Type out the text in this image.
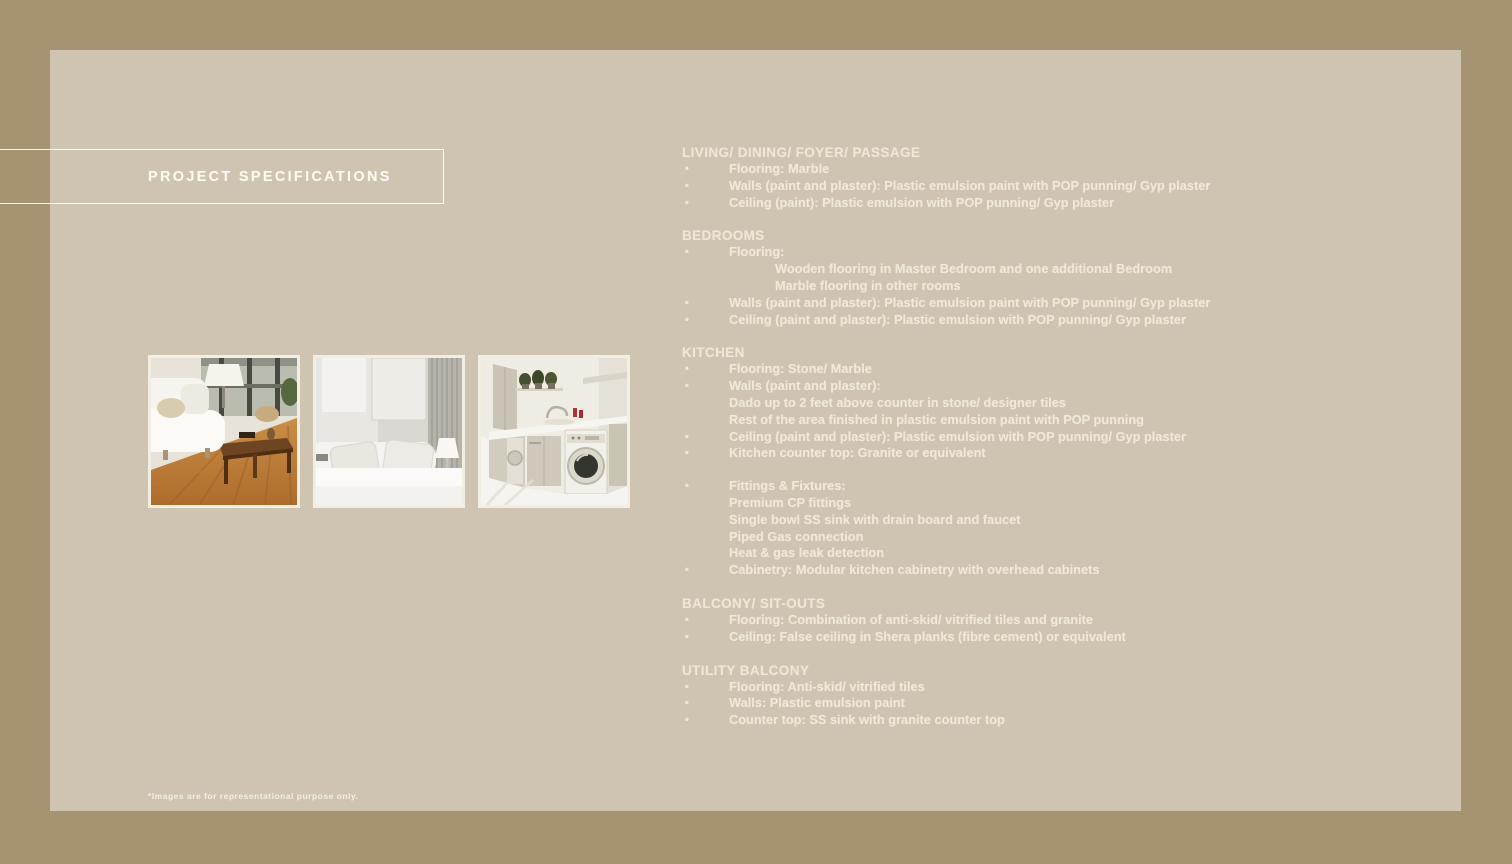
PROJECT SPECIFICATIONS
LIVING/ DINING/ FOYER/ PASSAGE
•	Flooring: Marble
•	Walls (paint and plaster): Plastic emulsion paint with POP punning/ Gyp plaster
•	Ceiling (paint): Plastic emulsion with POP punning/ Gyp plaster
BEDROOMS
•	Flooring:
Wooden flooring in Master Bedroom and one additional Bedroom
Marble flooring in other rooms
•	Walls (paint and plaster): Plastic emulsion paint with POP punning/ Gyp plaster
•	Ceiling (paint and plaster): Plastic emulsion with POP punning/ Gyp plaster
KITCHEN
•	Flooring: Stone/ Marble
•	Walls (paint and plaster):
Dado up to 2 feet above counter in stone/ designer tiles
Rest of the area finished in plastic emulsion paint with POP punning
•	Ceiling (paint and plaster): Plastic emulsion with POP punning/ Gyp plaster
•	Kitchen counter top: Granite or equivalent
•	Fittings & Fixtures:
Premium CP fittings
Single bowl SS sink with drain board and faucet
Piped Gas connection
Heat & gas leak detection
•	Cabinetry: Modular kitchen cabinetry with overhead cabinets
BALCONY/ SIT-OUTS
•	Flooring: Combination of anti-skid/ vitrified tiles and granite
•	Ceiling: False ceiling in Shera planks (fibre cement) or equivalent
UTILITY BALCONY
•	Flooring: Anti-skid/ vitrified tiles
•	Walls: Plastic emulsion paint
•	Counter top: SS sink with granite counter top
*Images are for representational purpose only.
